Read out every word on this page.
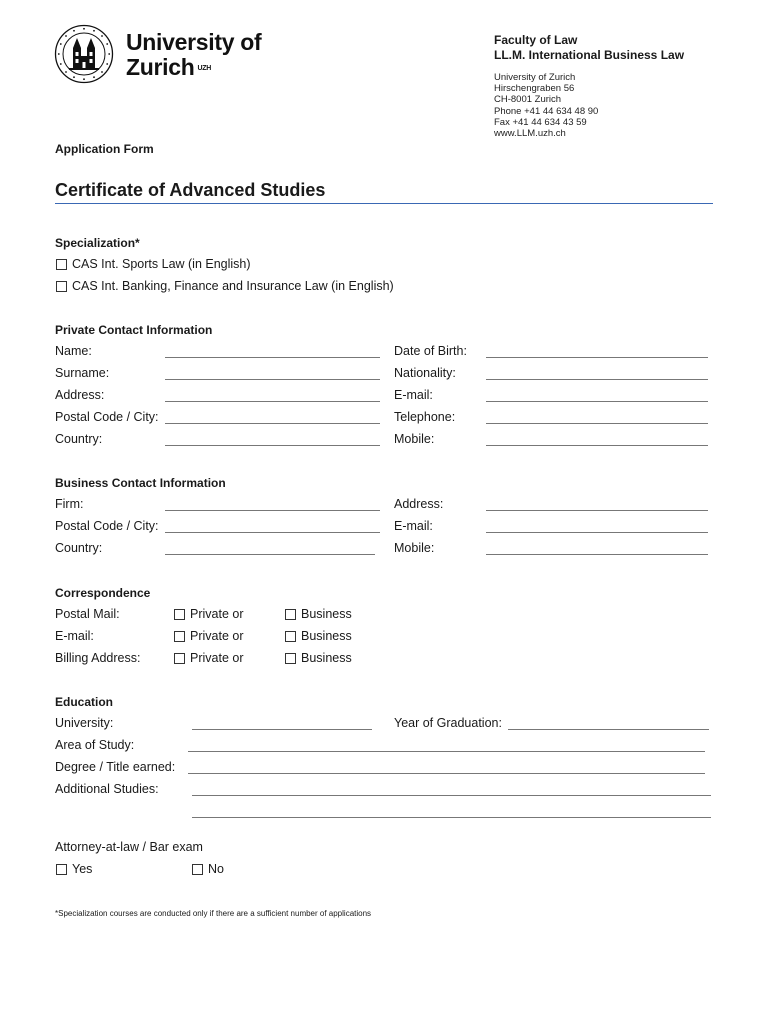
University of
Zurich $^{UZH}$
Faculty of Law
LL.M. International Business Law
University of Zurich
Hirschengraben 56
CH-8001 Zurich
Phone +41 44 634 48 90
Fax +41 44 634 43 59
www.LLM.uzh.ch
Application Form
Certificate of Advanced Studies
Specialization*
CAS Int. Sports Law (in English)
CAS Int. Banking, Finance and Insurance Law (in English)
Private Contact Information
Name:	Date of Birth:
Surname:	Nationality:
Address:	E-mail:
Postal Code / City:	Telephone:
Country:	Mobile:
Business Contact Information
Firm:	Address:
Postal Code / City:	E-mail:
Country:	Mobile:
Correspondence
Postal Mail:	Private or	Business
E-mail:	Private or	Business
Billing Address:	Private or	Business
Education
University:	Year of Graduation:
Area of Study:
Degree / Title earned:
Additional Studies:
Attorney-at-law / Bar exam
Yes	No
*Specialization courses are conducted only if there are a sufficient number of applications
